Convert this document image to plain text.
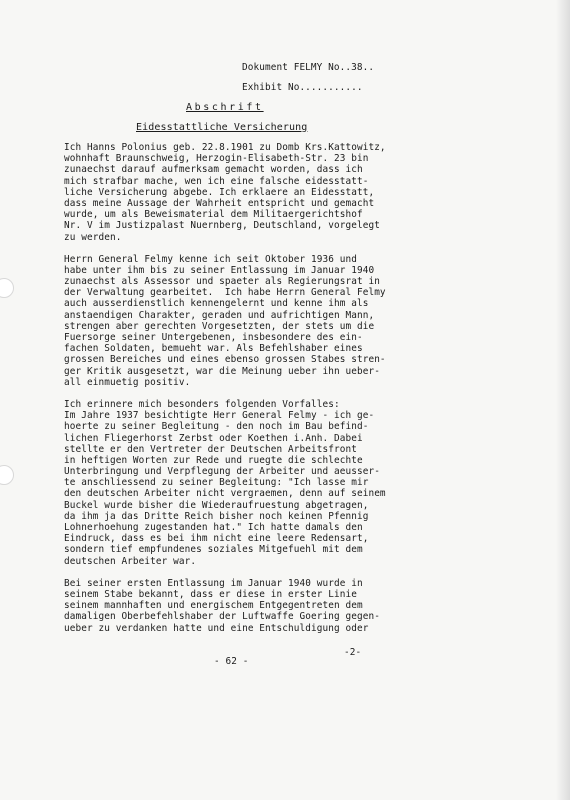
Dokument FELMY No..38..
Exhibit No...........
Abschrift
Eidesstattliche Versicherung
Ich Hanns Polonius geb. 22.8.1901 zu Domb Krs.Kattowitz,
wohnhaft Braunschweig, Herzogin-Elisabeth-Str. 23 bin
zunaechst darauf aufmerksam gemacht worden, dass ich
mich strafbar mache, wen ich eine falsche eidesstatt-
liche Versicherung abgebe. Ich erklaere an Eidesstatt,
dass meine Aussage der Wahrheit entspricht und gemacht
wurde, um als Beweismaterial dem Militaergerichtshof
Nr. V im Justizpalast Nuernberg, Deutschland, vorgelegt
zu werden.
Herrn General Felmy kenne ich seit Oktober 1936 und
habe unter ihm bis zu seiner Entlassung im Januar 1940
zunaechst als Assessor und spaeter als Regierungsrat in
der Verwaltung gearbeitet.  Ich habe Herrn General Felmy
auch ausserdienstlich kennengelernt und kenne ihm als
anstaendigen Charakter, geraden und aufrichtigen Mann,
strengen aber gerechten Vorgesetzten, der stets um die
Fuersorge seiner Untergebenen, insbesondere des ein-
fachen Soldaten, bemueht war. Als Befehlshaber eines
grossen Bereiches und eines ebenso grossen Stabes stren-
ger Kritik ausgesetzt, war die Meinung ueber ihn ueber-
all einmuetig positiv.
Ich erinnere mich besonders folgenden Vorfalles:
Im Jahre 1937 besichtigte Herr General Felmy - ich ge-
hoerte zu seiner Begleitung - den noch im Bau befind-
lichen Fliegerhorst Zerbst oder Koethen i.Anh. Dabei
stellte er den Vertreter der Deutschen Arbeitsfront
in heftigen Worten zur Rede und ruegte die schlechte
Unterbringung und Verpflegung der Arbeiter und aeusser-
te anschliessend zu seiner Begleitung: "Ich lasse mir
den deutschen Arbeiter nicht vergraemen, denn auf seinem
Buckel wurde bisher die Wiederaufruestung abgetragen,
da ihm ja das Dritte Reich bisher noch keinen Pfennig
Lohnerhoehung zugestanden hat." Ich hatte damals den
Eindruck, dass es bei ihm nicht eine leere Redensart,
sondern tief empfundenes soziales Mitgefuehl mit dem
deutschen Arbeiter war.
Bei seiner ersten Entlassung im Januar 1940 wurde in
seinem Stabe bekannt, dass er diese in erster Linie
seinem mannhaften und energischem Entgegentreten dem
damaligen Oberbefehlshaber der Luftwaffe Goering gegen-
ueber zu verdanken hatte und eine Entschuldigung oder
-2-
- 62 -
